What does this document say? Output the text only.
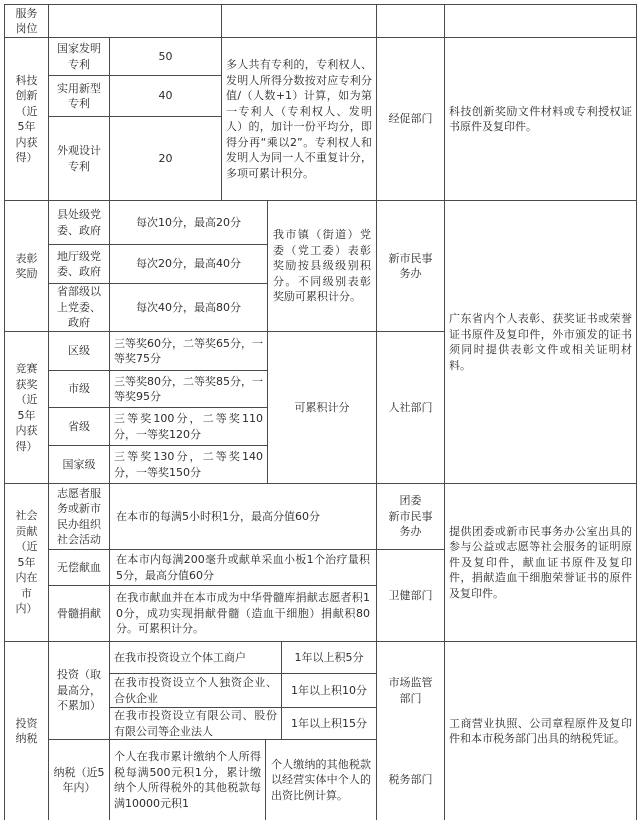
服务
岗位
科技
创新（近
5年
内获
得）
国家发明
专利
50
实用新型
专利
40
外观设计
专利
20
多人共有专利的，专利权人、发明人所得分数按对应专利分值/（人数+1）计算，如为第一专利人（专利权人、发明人）的，加计一份平均分，即得分再“乘以2”。专利权人和发明人为同一人不重复计分，多项可累计积分。
经促部门
科技创新奖励文件材料或专利授权证书原件及复印件。
表彰
奖励
县处级党
委、政府
每次10分，最高20分
地厅级党
委、政府
每次20分，最高40分
省部级以
上党委、
政府
每次40分，最高80分
我市镇（街道）党委（党工委）表彰奖励按县级级别积分。不同级别表彰奖励可累积计分。
新市民事
务办
竞赛
获奖
（近
5年
内获
得）
区级
三等奖60分，二等奖65分，一等奖75分
市级
三等奖80分，二等奖85分，一等奖95分
省级
三等奖100分，二等奖110分，一等奖120分
国家级
三等奖130分，二等奖140分，一等奖150分
可累积计分	人社部门
广东省内个人表彰、获奖证书或荣誉证书原件及复印件，外市颁发的证书须同时提供表彰文件或相关证明材料。
社会
贡献
（近
5年
内在
市
内）
志愿者服
务或新市
民办组织
社会活动
在本市的每满5小时积1分，最高分值60分
团委
新市民事
务办
无偿献血
在本市内每满200毫升或献单采血小板1个治疗量积5分，最高分值60分
骨髓捐献
在我市献血并在本市成为中华骨髓库捐献志愿者积10分，成功实现捐献骨髓（造血干细胞）捐献积80分。可累积计分。
卫健部门
提供团委或新市民事务办公室出具的参与公益或志愿等社会服务的证明原件及复印件，献血证书原件及复印件，捐献造血干细胞荣誉证书的原件及复印件。
投资
纳税
投资（取
最高分，
不累加）
在我市投资设立个体工商户	1年以上积5分
在我市投资设立个人独资企业、合伙企业
1年以上积10分
在我市投资设立有限公司、股份有限公司等企业法人
1年以上积15分
市场监管
部门
纳税（近5
年内）
个人在我市累计缴纳个人所得税每满500元积1分，累计缴纳个人所得税外的其他税款每满10000元积1
个人缴纳的其他税款以经营实体中个人的出资比例计算。
税务部门
工商营业执照、公司章程原件及复印件和本市税务部门出具的纳税凭证。
